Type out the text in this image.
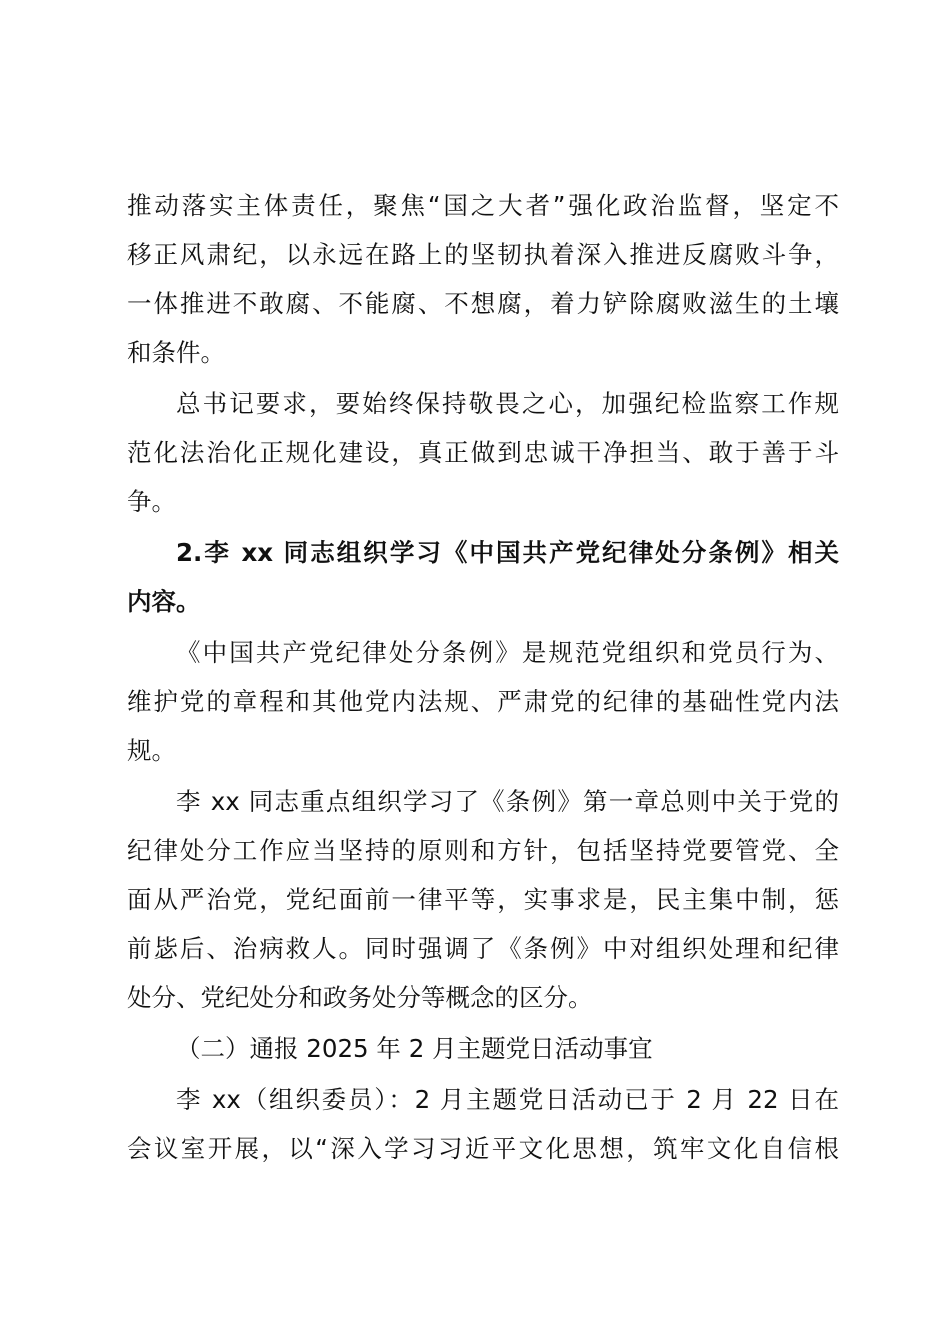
推动落实主体责任，聚焦“国之大者”强化政治监督，坚定不
移正风肃纪，以永远在路上的坚韧执着深入推进反腐败斗争，
一体推进不敢腐、不能腐、不想腐，着力铲除腐败滋生的土壤
和条件。
总书记要求，要始终保持敬畏之心，加强纪检监察工作规
范化法治化正规化建设，真正做到忠诚干净担当、敢于善于斗
争。
2.李 xx 同志组织学习《中国共产党纪律处分条例》相关
内容。
《中国共产党纪律处分条例》是规范党组织和党员行为、
维护党的章程和其他党内法规、严肃党的纪律的基础性党内法
规。
李 xx 同志重点组织学习了《条例》第一章总则中关于党的
纪律处分工作应当坚持的原则和方针，包括坚持党要管党、全
面从严治党，党纪面前一律平等，实事求是，民主集中制，惩
前毖后、治病救人。同时强调了《条例》中对组织处理和纪律
处分、党纪处分和政务处分等概念的区分。
（二）通报 2025 年 2 月主题党日活动事宜
李 xx（组织委员）：2 月主题党日活动已于 2 月 22 日在
会议室开展，以“深入学习习近平文化思想，筑牢文化自信根
